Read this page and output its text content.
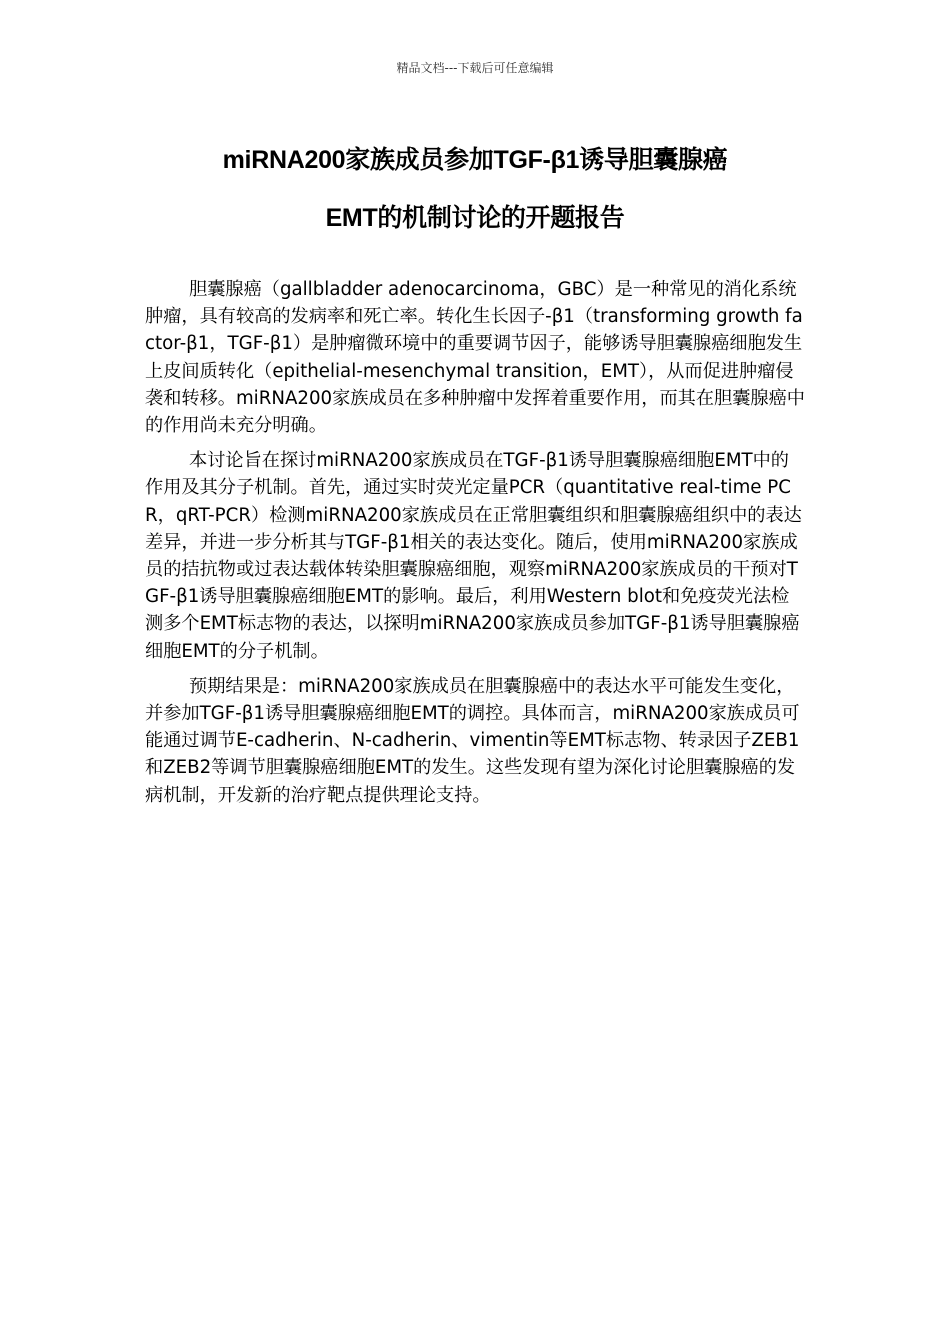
精品文档---下载后可任意编辑
miRNA200家族成员参加TGF-β1诱导胆囊腺癌
EMT的机制讨论的开题报告

胆囊腺癌（gallbladder adenocarcinoma，GBC）是一种常见的消化系统肿瘤，具有较高的发病率和死亡率。转化生长因子-β1（transforming growth factor-β1，TGF-β1）是肿瘤微环境中的重要调节因子，能够诱导胆囊腺癌细胞发生上皮间质转化（epithelial-mesenchymal transition，EMT），从而促进肿瘤侵袭和转移。miRNA200家族成员在多种肿瘤中发挥着重要作用，而其在胆囊腺癌中的作用尚未充分明确。

本讨论旨在探讨miRNA200家族成员在TGF-β1诱导胆囊腺癌细胞EMT中的作用及其分子机制。首先，通过实时荧光定量PCR（quantitative real-time PCR，qRT-PCR）检测miRNA200家族成员在正常胆囊组织和胆囊腺癌组织中的表达差异，并进一步分析其与TGF-β1相关的表达变化。随后，使用miRNA200家族成员的拮抗物或过表达载体转染胆囊腺癌细胞，观察miRNA200家族成员的干预对TGF-β1诱导胆囊腺癌细胞EMT的影响。最后，利用Western blot和免疫荧光法检测多个EMT标志物的表达，以探明miRNA200家族成员参加TGF-β1诱导胆囊腺癌细胞EMT的分子机制。

预期结果是：miRNA200家族成员在胆囊腺癌中的表达水平可能发生变化，并参加TGF-β1诱导胆囊腺癌细胞EMT的调控。具体而言，miRNA200家族成员可能通过调节E-cadherin、N-cadherin、vimentin等EMT标志物、转录因子ZEB1和ZEB2等调节胆囊腺癌细胞EMT的发生。这些发现有望为深化讨论胆囊腺癌的发病机制，开发新的治疗靶点提供理论支持。
